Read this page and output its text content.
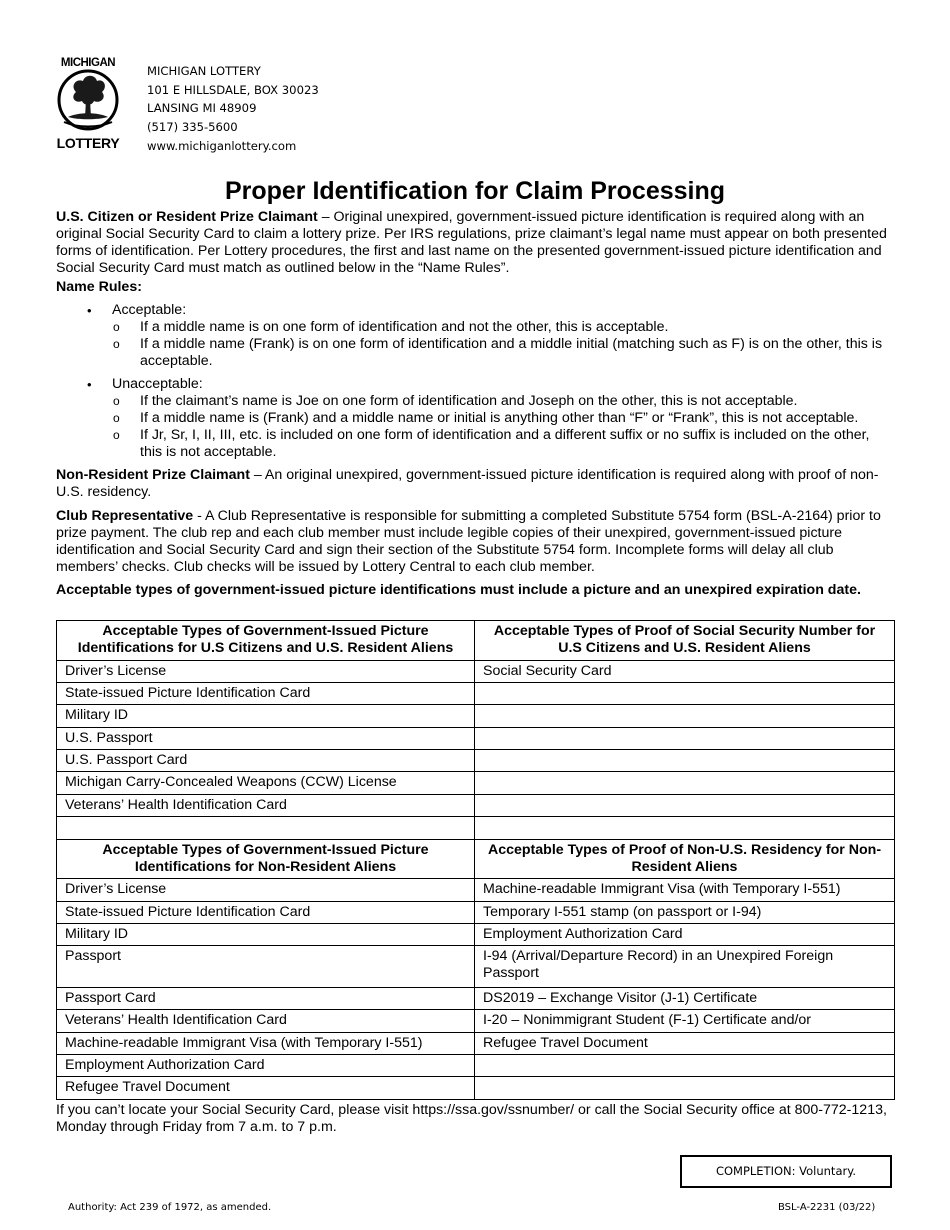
MICHIGAN
LOTTERY
MICHIGAN LOTTERY
101 E HILLSDALE, BOX 30023
LANSING MI 48909
(517) 335-5600
www.michiganlottery.com
Proper Identification for Claim Processing

U.S. Citizen or Resident Prize Claimant – Original unexpired, government-issued picture identification is required along with an original Social Security Card to claim a lottery prize. Per IRS regulations, prize claimant’s legal name must appear on both presented forms of identification. Per Lottery procedures, the first and last name on the presented government-issued picture identification and Social Security Card must match as outlined below in the “Name Rules”.

Name Rules:
• Acceptable:
o If a middle name is on one form of identification and not the other, this is acceptable.
o If a middle name (Frank) is on one form of identification and a middle initial (matching such as F) is on the other, this is acceptable.
• Unacceptable:
o If the claimant’s name is Joe on one form of identification and Joseph on the other, this is not acceptable.
o If a middle name is (Frank) and a middle name or initial is anything other than “F” or “Frank”, this is not acceptable.
o If Jr, Sr, I, II, III, etc. is included on one form of identification and a different suffix or no suffix is included on the other, this is not acceptable.

Non-Resident Prize Claimant – An original unexpired, government-issued picture identification is required along with proof of non-U.S. residency.

Club Representative - A Club Representative is responsible for submitting a completed Substitute 5754 form (BSL-A-2164) prior to prize payment. The club rep and each club member must include legible copies of their unexpired, government-issued picture identification and Social Security Card and sign their section of the Substitute 5754 form. Incomplete forms will delay all club members’ checks. Club checks will be issued by Lottery Central to each club member.

Acceptable types of government-issued picture identifications must include a picture and an unexpired expiration date.

Acceptable Types of Government-Issued Picture Identifications for U.S Citizens and U.S. Resident Aliens	Acceptable Types of Proof of Social Security Number for U.S Citizens and U.S. Resident Aliens
Driver’s License	Social Security Card
State-issued Picture Identification Card	
Military ID	
U.S. Passport	
U.S. Passport Card	
Michigan Carry-Concealed Weapons (CCW) License	
Veterans’ Health Identification Card	

Acceptable Types of Government-Issued Picture Identifications for Non-Resident Aliens	Acceptable Types of Proof of Non-U.S. Residency for Non-Resident Aliens
Driver’s License	Machine-readable Immigrant Visa (with Temporary I-551)
State-issued Picture Identification Card	Temporary I-551 stamp (on passport or I-94)
Military ID	Employment Authorization Card
Passport	I-94 (Arrival/Departure Record) in an Unexpired Foreign Passport
Passport Card	DS2019 – Exchange Visitor (J-1) Certificate
Veterans’ Health Identification Card	I-20 – Nonimmigrant Student (F-1) Certificate and/or
Machine-readable Immigrant Visa (with Temporary I-551)	Refugee Travel Document
Employment Authorization Card	
Refugee Travel Document	
If you can’t locate your Social Security Card, please visit https://ssa.gov/ssnumber/ or call the Social Security office at 800-772-1213, Monday through Friday from 7 a.m. to 7 p.m.
COMPLETION: Voluntary.
Authority: Act 239 of 1972, as amended.	BSL-A-2231 (03/22)
